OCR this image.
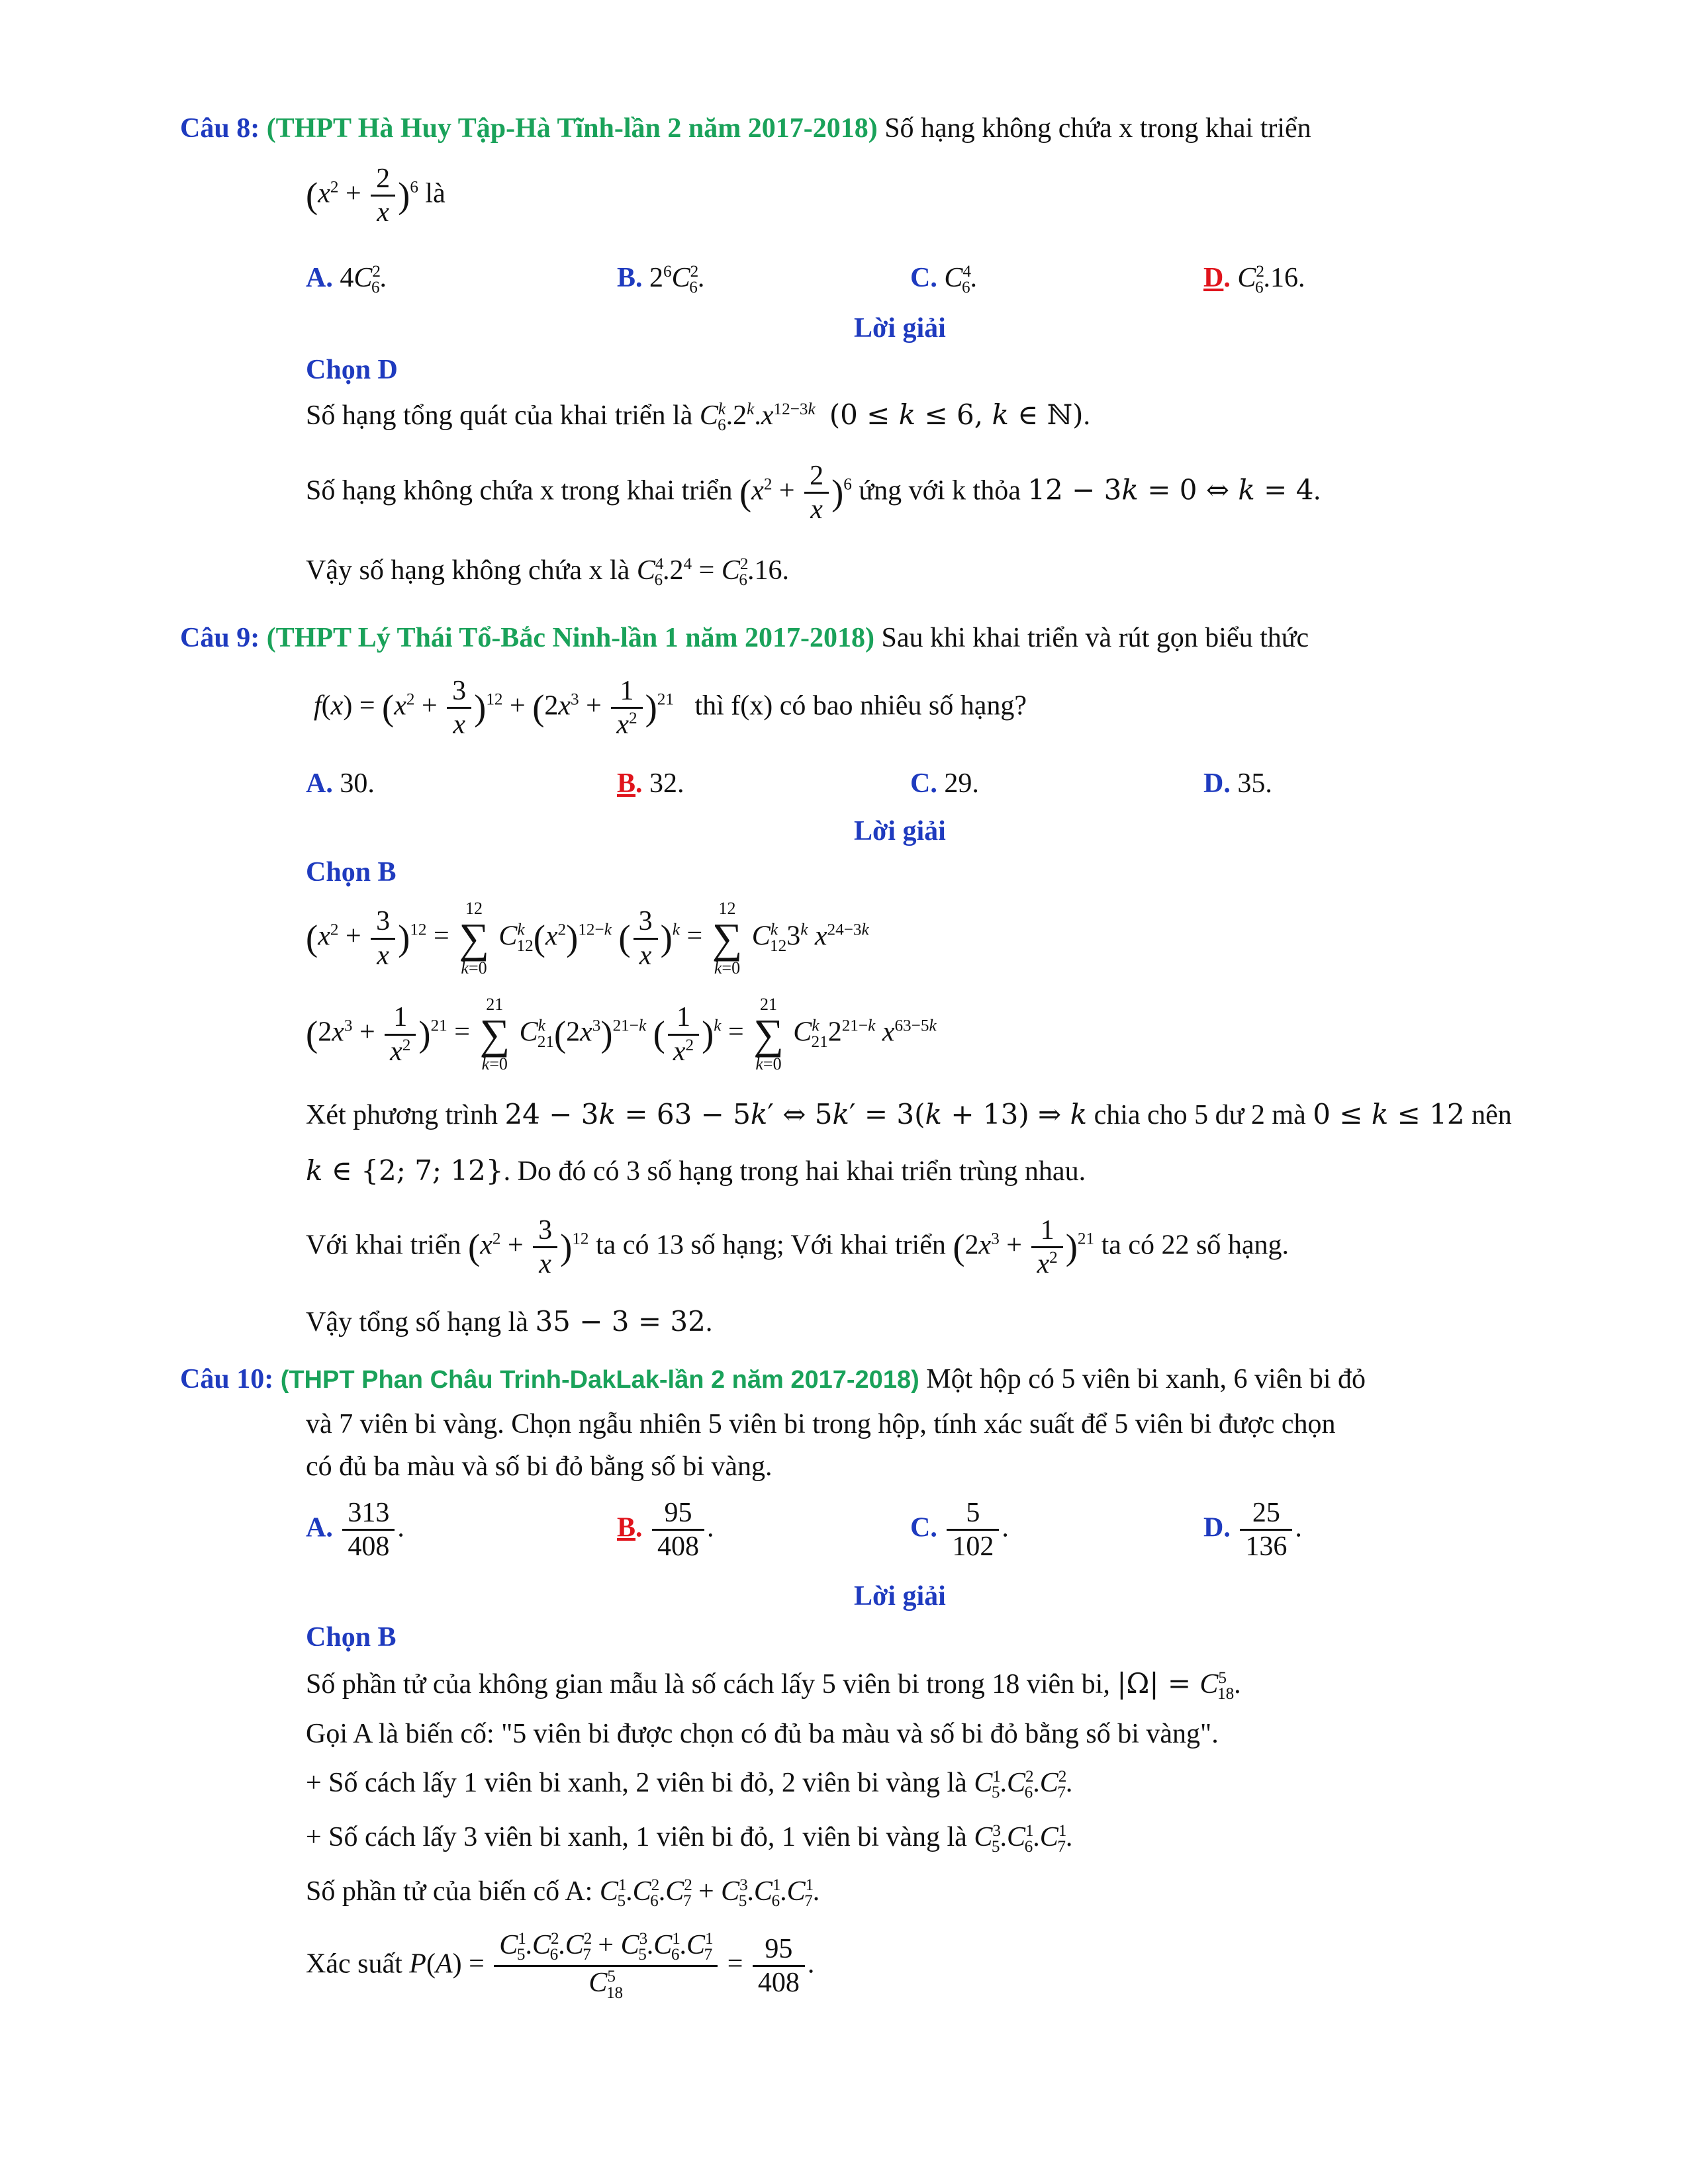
Câu 8: (THPT Hà Huy Tập-Hà Tĩnh-lần 2 năm 2017-2018) Số hạng không chứa x trong khai triển
$(x^2 + \frac{2}{x} )^6$ là
A. $4C^2_6$.	B. $2^6C^2_6$.	C. $C^4_6$.	D. $C^2_6.16$.
Lời giải
Chọn D
Số hạng tổng quát của khai triển là $C^k_6.2^k.x^{12-3k}$ (0 ≤ k ≤ 6, k ∈ ℕ).
Số hạng không chứa x trong khai triển $(x^2 + \frac{2}{x} )^6$ ứng với k thỏa 12 − 3k = 0 ⇔ k = 4.
Vậy số hạng không chứa x là $C^4_6.2^4 = C^2_6.16$.
Câu 9: (THPT Lý Thái Tổ-Bắc Ninh-lần 1 năm 2017-2018) Sau khi khai triển và rút gọn biểu thức
$f(x) = (x^2 + \frac{3}{x} )^{12} + (2x^3 + \frac{1}{x^2} )^{21}$ thì f(x) có bao nhiêu số hạng?
A. 30.	B. 32.	C. 29.	D. 35.
Lời giải
Chọn B
$(x^2 + \frac{3}{x} )^{12}$ =
12
∑
k=0
$C^k_{12}(x^2)^{12-k}$ ( $\frac{3}{x} )^k$ =
12
∑
k=0
$C^k_{12}3^k$ $x^{24-3k}$
$(2x^3 + \frac{1}{x^2} )^{21}$ =
21
∑
k=0
$C^k_{21}(2x^3)^{21-k}$ ( $\frac{1}{x^2} )^k$ =
21
∑
k=0
$C^k_{21}2^{21-k}$ $x^{63-5k}$
Xét phương trình 24 − 3k = 63 − 5k′ ⇔ 5k′ = 3(k + 13) ⇒ k chia cho 5 dư 2 mà 0 ≤ k ≤ 12 nên
k ∈ {2; 7; 12}. Do đó có 3 số hạng trong hai khai triển trùng nhau.
Với khai triển $(x^2 + \frac{3}{x} )^{12}$ ta có 13 số hạng; Với khai triển $(2x^3 + \frac{1}{x^2} )^{21}$ ta có 22 số hạng.
Vậy tổng số hạng là 35 − 3 = 32.
Câu 10: (THPT Phan Châu Trinh-DakLak-lần 2 năm 2017-2018) Một hộp có 5 viên bi xanh, 6 viên bi đỏ
và 7 viên bi vàng. Chọn ngẫu nhiên 5 viên bi trong hộp, tính xác suất để 5 viên bi được chọn
có đủ ba màu và số bi đỏ bằng số bi vàng.
A. $\frac{313}{408}$ .	B. $\frac{95}{408}$ .	C. $\frac{5}{102}$ .	D. $\frac{25}{136}$ .
Lời giải
Chọn B
Số phần tử của không gian mẫu là số cách lấy 5 viên bi trong 18 viên bi, $|\Omega| = C^5_{18}$.
Gọi A là biến cố: "5 viên bi được chọn có đủ ba màu và số bi đỏ bằng số bi vàng".
+ Số cách lấy 1 viên bi xanh, 2 viên bi đỏ, 2 viên bi vàng là $C^1_5.C^2_6.C^2_7$.
+ Số cách lấy 3 viên bi xanh, 1 viên bi đỏ, 1 viên bi vàng là $C^3_5.C^1_6.C^1_7$.
Số phần tử của biến cố A: $C^1_5.C^2_6.C^2_7 + C^3_5.C^1_6.C^1_7$.
Xác suất $P(A) = \frac{C^1_5.C^2_6.C^2_7 + C^3_5.C^1_6.C^1_7}{C^5_{18}} = \frac{95}{408}$ .
